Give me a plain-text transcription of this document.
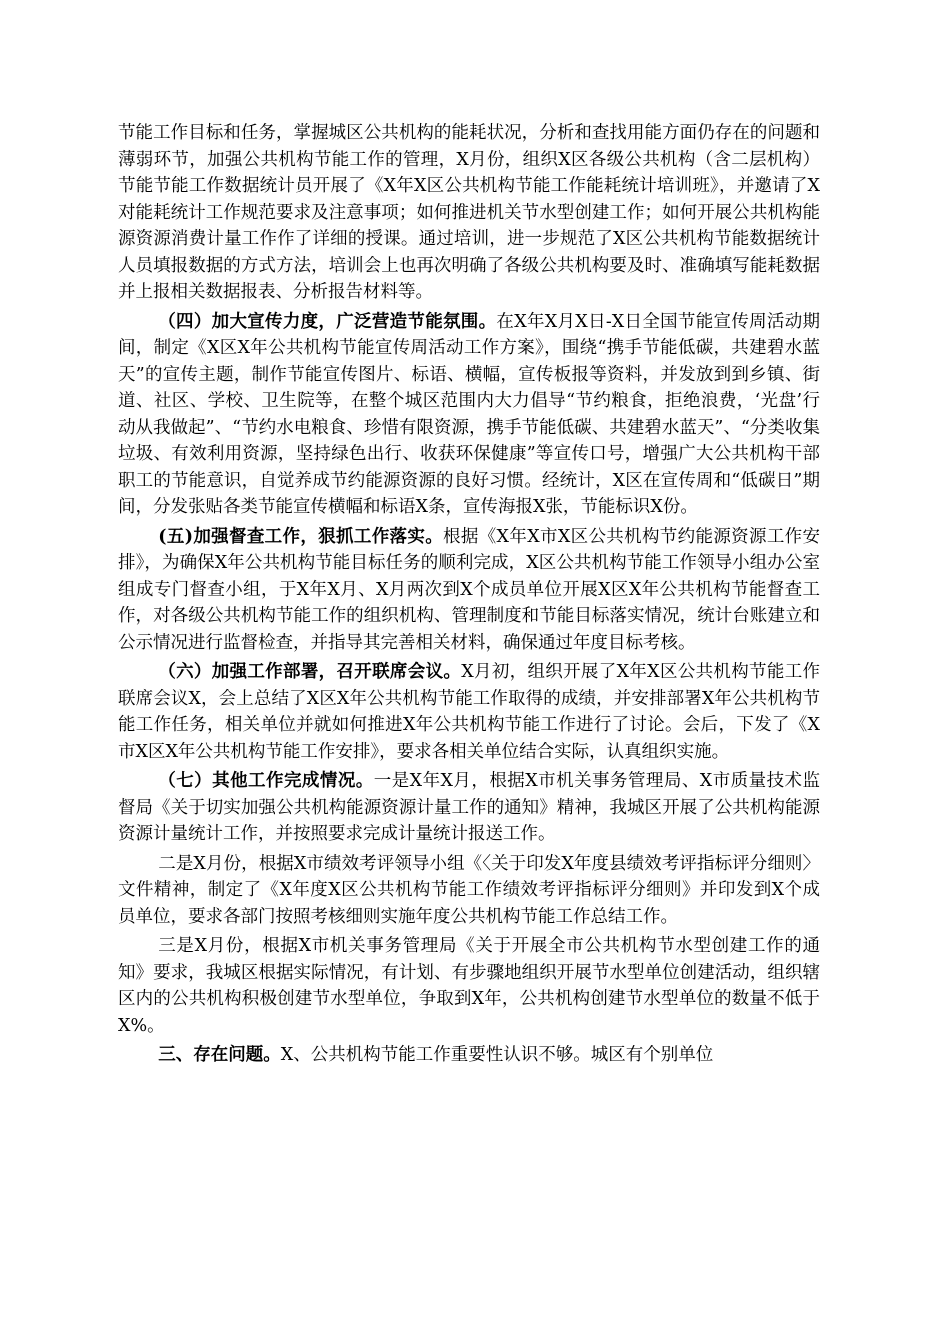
节能工作目标和任务，掌握城区公共机构的能耗状况，分析和查找用能方面仍存在的问题和薄弱环节，加强公共机构节能工作的管理，X月份，组织X区各级公共机构（含二层机构）节能节能工作数据统计员开展了《X年X区公共机构节能工作能耗统计培训班》，并邀请了X对能耗统计工作规范要求及注意事项；如何推进机关节水型创建工作；如何开展公共机构能源资源消费计量工作作了详细的授课。通过培训，进一步规范了X区公共机构节能数据统计人员填报数据的方式方法，培训会上也再次明确了各级公共机构要及时、准确填写能耗数据并上报相关数据报表、分析报告材料等。

（四）加大宣传力度，广泛营造节能氛围。在X年X月X日-X日全国节能宣传周活动期间，制定《X区X年公共机构节能宣传周活动工作方案》，围绕“携手节能低碳，共建碧水蓝天”的宣传主题，制作节能宣传图片、标语、横幅，宣传板报等资料，并发放到到乡镇、街道、社区、学校、卫生院等，在整个城区范围内大力倡导“节约粮食，拒绝浪费，‘光盘’行动从我做起”、“节约水电粮食、珍惜有限资源，携手节能低碳、共建碧水蓝天”、“分类收集垃圾、有效利用资源，坚持绿色出行、收获环保健康”等宣传口号，增强广大公共机构干部职工的节能意识，自觉养成节约能源资源的良好习惯。经统计，X区在宣传周和“低碳日”期间，分发张贴各类节能宣传横幅和标语X条，宣传海报X张，节能标识X份。

(五)加强督查工作，狠抓工作落实。根据《X年X市X区公共机构节约能源资源工作安排》，为确保X年公共机构节能目标任务的顺利完成，X区公共机构节能工作领导小组办公室组成专门督查小组，于X年X月、X月两次到X个成员单位开展X区X年公共机构节能督查工作，对各级公共机构节能工作的组织机构、管理制度和节能目标落实情况，统计台账建立和公示情况进行监督检查，并指导其完善相关材料，确保通过年度目标考核。

（六）加强工作部署，召开联席会议。X月初，组织开展了X年X区公共机构节能工作联席会议X，会上总结了X区X年公共机构节能工作取得的成绩，并安排部署X年公共机构节能工作任务，相关单位并就如何推进X年公共机构节能工作进行了讨论。会后，下发了《X市X区X年公共机构节能工作安排》，要求各相关单位结合实际，认真组织实施。

（七）其他工作完成情况。一是X年X月，根据X市机关事务管理局、X市质量技术监督局《关于切实加强公共机构能源资源计量工作的通知》精神，我城区开展了公共机构能源资源计量统计工作，并按照要求完成计量统计报送工作。

二是X月份，根据X市绩效考评领导小组《〈关于印发X年度县绩效考评指标评分细则〉文件精神，制定了《X年度X区公共机构节能工作绩效考评指标评分细则》并印发到X个成员单位，要求各部门按照考核细则实施年度公共机构节能工作总结工作。

三是X月份，根据X市机关事务管理局《关于开展全市公共机构节水型创建工作的通知》要求，我城区根据实际情况，有计划、有步骤地组织开展节水型单位创建活动，组织辖区内的公共机构积极创建节水型单位，争取到X年，公共机构创建节水型单位的数量不低于X%。

三、存在问题。X、公共机构节能工作重要性认识不够。城区有个别单位
